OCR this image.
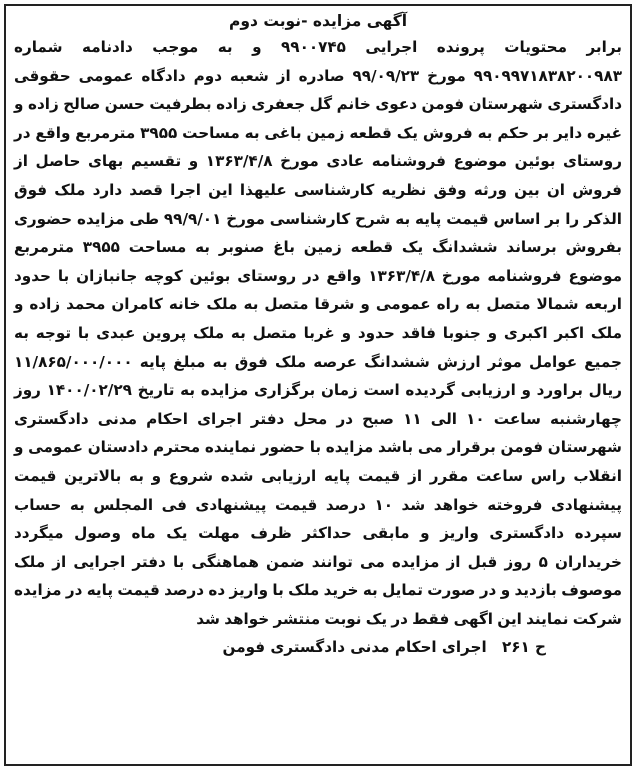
آگهی مزایده -نوبت دوم

برابر محتویات پرونده اجرایی ۹۹۰۰۷۴۵ و به موجب دادنامه شماره ۹۹۰۹۹۷۱۸۳۸۲۰۰۹۸۳ مورخ ۹۹/۰۹/۲۳ صادره از شعبه دوم دادگاه عمومی حقوقی دادگستری شهرستان فومن دعوی خانم گل جعفری زاده بطرفیت حسن صالح زاده و غیره دایر بر حکم به فروش یک قطعه زمین باغی به مساحت ۳۹۵۵ مترمربع واقع در روستای بوئین موضوع فروشنامه عادی مورخ ۱۳۶۳/۴/۸ و تقسیم بهای حاصل از فروش ان بین ورثه وفق نظریه کارشناسی علیهذا این اجرا قصد دارد ملک فوق الذکر را بر اساس قیمت پایه به شرح کارشناسی مورخ ۹۹/۹/۰۱ طی مزایده حضوری بفروش برساند ششدانگ یک قطعه زمین باغ صنوبر به مساحت ۳۹۵۵ مترمربع موضوع فروشنامه مورخ ۱۳۶۳/۴/۸ واقع در روستای بوئین کوچه جانبازان با حدود اربعه شمالا متصل به راه عمومی و شرقا متصل به ملک خانه کامران محمد زاده و ملک اکبر اکبری و جنوبا فاقد حدود و غربا متصل به ملک پروین عبدی با توجه به جمیع عوامل موثر ارزش ششدانگ عرصه ملک فوق به مبلغ پایه ۱۱/۸۶۵/۰۰۰/۰۰۰ ریال براورد و ارزیابی گردیده است زمان برگزاری مزایده به تاریخ ۱۴۰۰/۰۲/۲۹ روز چهارشنبه ساعت ۱۰ الی ۱۱ صبح در محل دفتر اجرای احکام مدنی دادگستری شهرستان فومن برقرار می باشد مزایده با حضور نماینده محترم دادستان عمومی و انقلاب راس ساعت مقرر از قیمت پایه ارزیابی شده شروع و به بالاترین قیمت پیشنهادی فروخته خواهد شد ۱۰ درصد قیمت پیشنهادی فی المجلس به حساب سپرده دادگستری واریز و مابقی حداکثر ظرف مهلت یک ماه وصول میگردد خریداران ۵ روز قبل از مزایده می توانند ضمن هماهنگی با دفتر اجرایی از ملک موصوف بازدید و در صورت تمایل به خرید ملک با واریز ده درصد قیمت پایه در مزایده شرکت نمایند این اگهی فقط در یک نوبت منتشر خواهد شد

ح ۲۶۱ اجرای احکام مدنی دادگستری فومن
